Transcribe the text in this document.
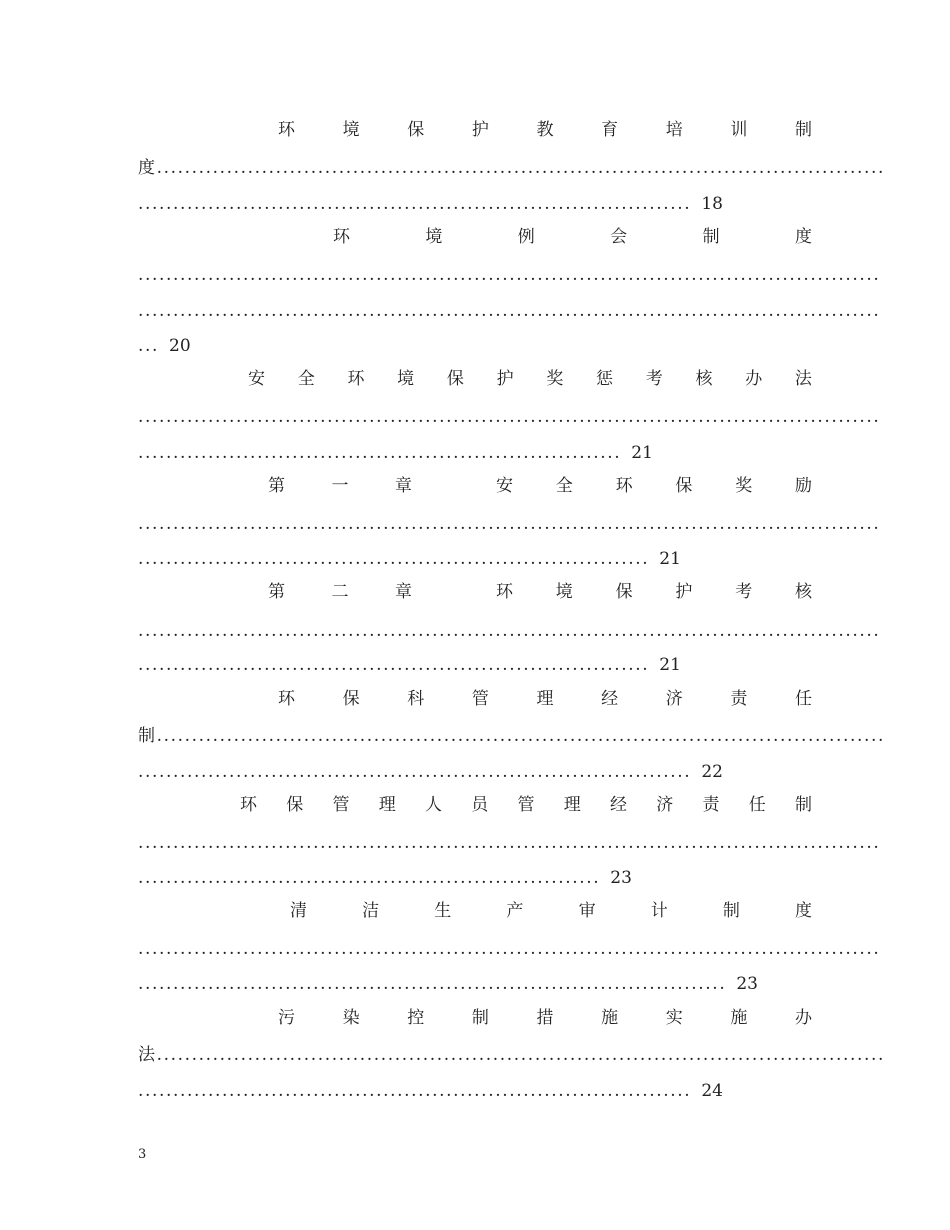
环	境	保	护	教	育	培	训	制
度........................................................................................................
............................................................................... 18
环	境	例	会	制	度
..........................................................................................................
..........................................................................................................
... 20
安 全 环 境 保 护 奖 惩 考 核 办 法
..........................................................................................................
..................................................................... 21
第	一	章	安	全	环	保	奖	励
..........................................................................................................
......................................................................... 21
第	二	章	环	境	保	护	考	核
..........................................................................................................
......................................................................... 21
环	保	科	管	理	经	济	责	任
制........................................................................................................
............................................................................... 22
环 保 管 理 人 员 管 理 经 济 责 任 制
..........................................................................................................
.................................................................. 23
清	洁	生	产	审	计	制	度
..........................................................................................................
.................................................................................... 23
污	染	控	制	措	施	实	施	办
法........................................................................................................
............................................................................... 24
3
